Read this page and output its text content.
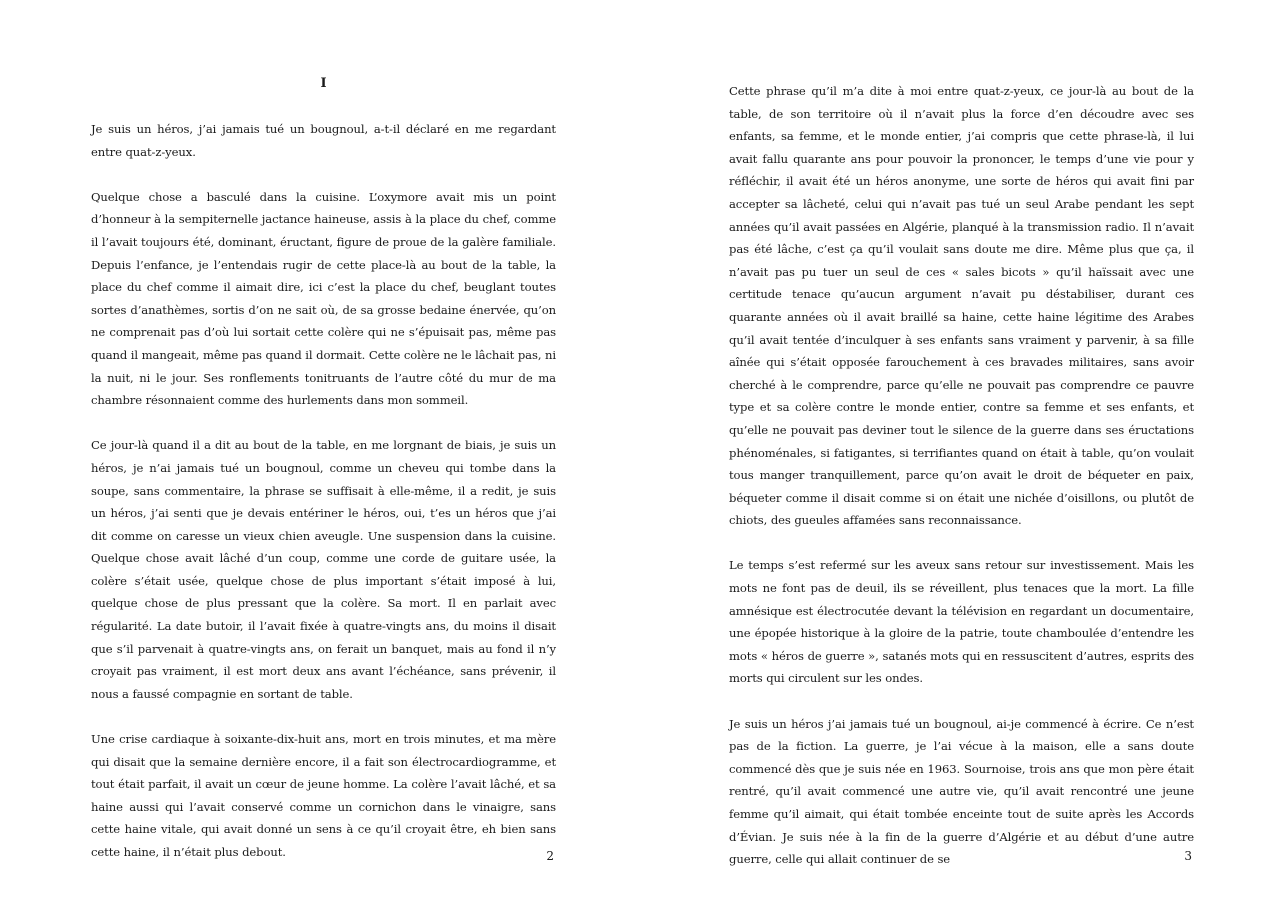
I

Je suis un héros, j’ai jamais tué un bougnoul, a-t-il déclaré en me regardant entre quat-z-yeux.

Quelque chose a basculé dans la cuisine. L’oxymore avait mis un point d’honneur à la sempiternelle jactance haineuse, assis à la place du chef, comme il l’avait toujours été, dominant, éructant, figure de proue de la galère familiale. Depuis l’enfance, je l’entendais rugir de cette place-là au bout de la table, la place du chef comme il aimait dire, ici c’est la place du chef, beuglant toutes sortes d’anathèmes, sortis d’on ne sait où, de sa grosse bedaine énervée, qu’on ne comprenait pas d’où lui sortait cette colère qui ne s’épuisait pas, même pas quand il mangeait, même pas quand il dormait. Cette colère ne le lâchait pas, ni la nuit, ni le jour. Ses ronflements tonitruants de l’autre côté du mur de ma chambre résonnaient comme des hurlements dans mon sommeil.

Ce jour-là quand il a dit au bout de la table, en me lorgnant de biais, je suis un héros, je n’ai jamais tué un bougnoul, comme un cheveu qui tombe dans la soupe, sans commentaire, la phrase se suffisait à elle-même, il a redit, je suis un héros, j’ai senti que je devais entériner le héros, oui, t’es un héros que j’ai dit comme on caresse un vieux chien aveugle. Une suspension dans la cuisine. Quelque chose avait lâché d’un coup, comme une corde de guitare usée, la colère s’était usée, quelque chose de plus important s’était imposé à lui, quelque chose de plus pressant que la colère. Sa mort. Il en parlait avec régularité. La date butoir, il l’avait fixée à quatre-vingts ans, du moins il disait que s’il parvenait à quatre-vingts ans, on ferait un banquet, mais au fond il n’y croyait pas vraiment, il est mort deux ans avant l’échéance, sans prévenir, il nous a faussé compagnie en sortant de table.

Une crise cardiaque à soixante-dix-huit ans, mort en trois minutes, et ma mère qui disait que la semaine dernière encore, il a fait son électrocardiogramme, et tout était parfait, il avait un cœur de jeune homme. La colère l’avait lâché, et sa haine aussi qui l’avait conservé comme un cornichon dans le vinaigre, sans cette haine vitale, qui avait donné un sens à ce qu’il croyait être, eh bien sans cette haine, il n’était plus debout.	2

Cette phrase qu’il m’a dite à moi entre quat-z-yeux, ce jour-là au bout de la table, de son territoire où il n’avait plus la force d’en découdre avec ses enfants, sa femme, et le monde entier, j’ai compris que cette phrase-là, il lui avait fallu quarante ans pour pouvoir la prononcer, le temps d’une vie pour y réfléchir, il avait été un héros anonyme, une sorte de héros qui avait fini par accepter sa lâcheté, celui qui n’avait pas tué un seul Arabe pendant les sept années qu’il avait passées en Algérie, planqué à la transmission radio. Il n’avait pas été lâche, c’est ça qu’il voulait sans doute me dire. Même plus que ça, il n’avait pas pu tuer un seul de ces « sales bicots » qu’il haïssait avec une certitude tenace qu’aucun argument n’avait pu déstabiliser, durant ces quarante années où il avait braillé sa haine, cette haine légitime des Arabes qu’il avait tentée d’inculquer à ses enfants sans vraiment y parvenir, à sa fille aînée qui s’était opposée farouchement à ces bravades militaires, sans avoir cherché à le comprendre, parce qu’elle ne pouvait pas comprendre ce pauvre type et sa colère contre le monde entier, contre sa femme et ses enfants, et qu’elle ne pouvait pas deviner tout le silence de la guerre dans ses éructations phénoménales, si fatigantes, si terrifiantes quand on était à table, qu’on voulait tous manger tranquillement, parce qu’on avait le droit de béqueter en paix, béqueter comme il disait comme si on était une nichée d’oisillons, ou plutôt de chiots, des gueules affamées sans reconnaissance.

Le temps s’est refermé sur les aveux sans retour sur investissement. Mais les mots ne font pas de deuil, ils se réveillent, plus tenaces que la mort. La fille amnésique est électrocutée devant la télévision en regardant un documentaire, une épopée historique à la gloire de la patrie, toute chamboulée d’entendre les mots « héros de guerre », satanés mots qui en ressuscitent d’autres, esprits des morts qui circulent sur les ondes.

Je suis un héros j’ai jamais tué un bougnoul, ai-je commencé à écrire. Ce n’est pas de la fiction. La guerre, je l’ai vécue à la maison, elle a sans doute commencé dès que je suis née en 1963. Sournoise, trois ans que mon père était rentré, qu’il avait commencé une autre vie, qu’il avait rencontré une jeune femme qu’il aimait, qui était tombée enceinte tout de suite après les Accords d’Évian. Je suis née à la fin de la guerre d’Algérie et au début d’une autre guerre, celle qui allait continuer de se	3
